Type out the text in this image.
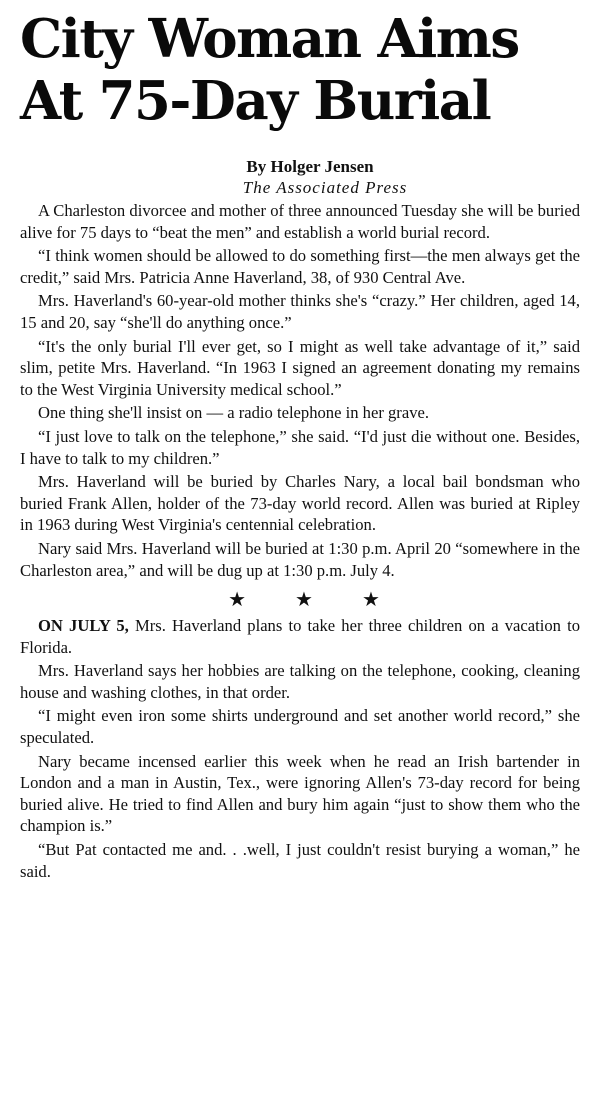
City Woman Aims
At 75-Day Burial
By Holger Jensen
The Associated Press

A Charleston divorcee and mother of three announced Tuesday she will be buried alive for 75 days to “beat the men” and establish a world burial record.

“I think women should be allowed to do something first—the men always get the credit,” said Mrs. Patricia Anne Haverland, 38, of 930 Central Ave.

Mrs. Haverland's 60-year-old mother thinks she's “crazy.” Her children, aged 14, 15 and 20, say “she'll do anything once.”

“It's the only burial I'll ever get, so I might as well take advantage of it,” said slim, petite Mrs. Haverland. “In 1963 I signed an agreement donating my remains to the West Virginia University medical school.”

One thing she'll insist on — a radio telephone in her grave.

“I just love to talk on the telephone,” she said. “I'd just die without one. Besides, I have to talk to my children.”

Mrs. Haverland will be buried by Charles Nary, a local bail bondsman who buried Frank Allen, holder of the 73-day world record. Allen was buried at Ripley in 1963 during West Virginia's centennial celebration.

Nary said Mrs. Haverland will be buried at 1:30 p.m. April 20 “somewhere in the Charleston area,” and will be dug up at 1:30 p.m. July 4.

★ ★ ★

ON JULY 5, Mrs. Haverland plans to take her three children on a vacation to Florida.

Mrs. Haverland says her hobbies are talking on the telephone, cooking, cleaning house and washing clothes, in that order.

“I might even iron some shirts underground and set another world record,” she speculated.

Nary became incensed earlier this week when he read an Irish bartender in London and a man in Austin, Tex., were ignoring Allen's 73-day record for being buried alive. He tried to find Allen and bury him again “just to show them who the champion is.”

“But Pat contacted me and. . .well, I just couldn't resist burying a woman,” he said.
